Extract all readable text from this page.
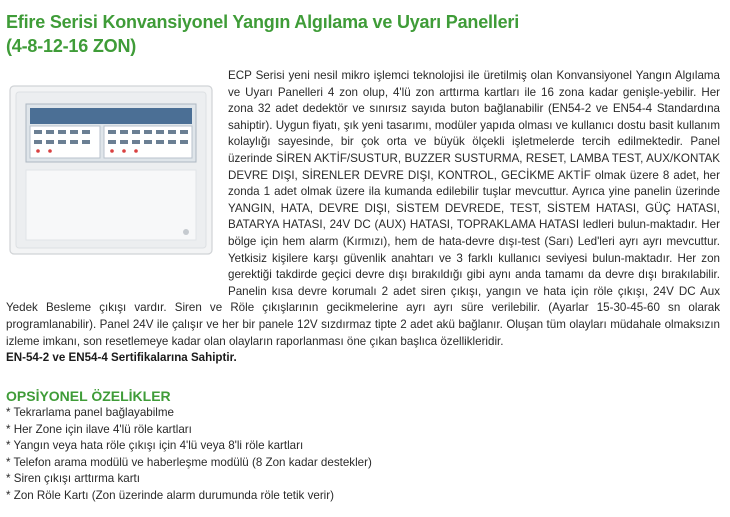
Efire Serisi Konvansiyonel Yangın Algılama ve Uyarı Panelleri
(4-8-12-16 ZON)

ECP Serisi yeni nesil mikro işlemci teknolojisi ile üretilmiş olan Konvansiyonel Yangın Algılama ve Uyarı Panelleri 4 zon olup, 4'lü zon arttırma kartları ile 16 zona kadar genişle-yebilir. Her zona 32 adet dedektör ve sınırsız sayıda buton bağlanabilir (EN54-2 ve EN54-4 Standardına sahiptir). Uygun fiyatı, şık yeni tasarımı, modüler yapıda olması ve kullanıcı dostu basit kullanım kolaylığı sayesinde, bir çok orta ve büyük ölçekli işletmelerde tercih edilmektedir. Panel üzerinde SİREN AKTİF/SUSTUR, BUZZER SUSTURMA, RESET, LAMBA TEST, AUX/KONTAK DEVRE DIŞI, SİRENLER DEVRE DIŞI, KONTROL, GECİKME AKTİF olmak üzere 8 adet, her zonda 1 adet olmak üzere ila kumanda edilebilir tuşlar mevcuttur. Ayrıca yine panelin üzerinde YANGIN, HATA, DEVRE DIŞI, SİSTEM DEVREDE, TEST, SİSTEM HATASI, GÜÇ HATASI, BATARYA HATASI, 24V DC (AUX) HATASI, TOPRAKLAMA HATASI ledleri bulun-maktadır. Her bölge için hem alarm (Kırmızı), hem de hata-devre dışı-test (Sarı) Led'leri ayrı ayrı mevcuttur. Yetkisiz kişilere karşı güvenlik anahtarı ve 3 farklı kullanıcı seviyesi bulun-maktadır. Her zon gerektiği takdirde geçici devre dışı bırakıldığı gibi aynı anda tamamı da devre dışı bırakılabilir. Panelin kısa devre korumalı 2 adet siren çıkışı, yangın ve hata için röle çıkışı, 24V DC Aux Yedek Besleme çıkışı vardır. Siren ve Röle çıkışlarının gecikmelerine ayrı ayrı süre verilebilir. (Ayarlar 15-30-45-60 sn olarak programlanabilir). Panel 24V ile çalışır ve her bir panele 12V sızdırmaz tipte 2 adet akü bağlanır. Oluşan tüm olayları müdahale olmaksızın izleme imkanı, son resetlemeye kadar olan olayların raporlanması öne çıkan başlıca özellikleridir.

EN-54-2 ve EN54-4 Sertifikalarına Sahiptir.

OPSİYONEL ÖZELİKLER
* Tekrarlama panel bağlayabilme
* Her Zone için ilave 4'lü röle kartları
* Yangın veya hata röle çıkışı için 4'lü veya 8'li röle kartları
* Telefon arama modülü ve haberleşme modülü (8 Zon kadar destekler)
* Siren çıkışı arttırma kartı
* Zon Röle Kartı (Zon üzerinde alarm durumunda röle tetik verir)
